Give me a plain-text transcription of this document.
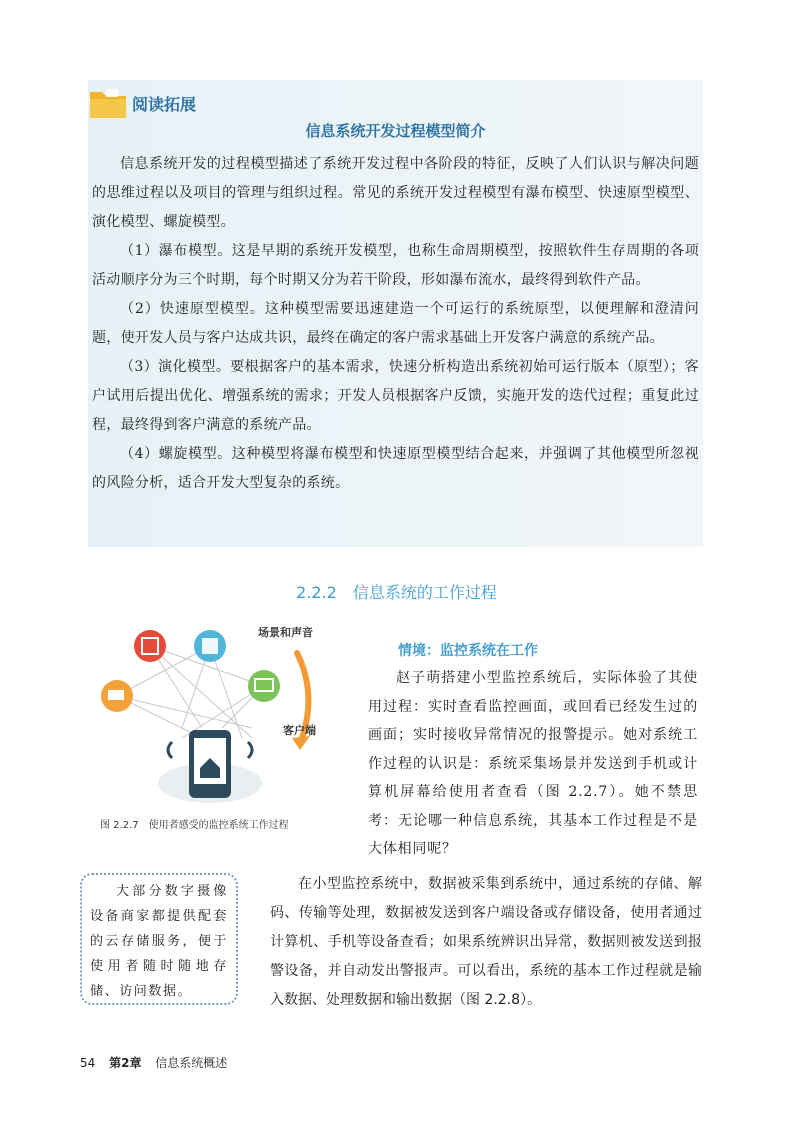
阅读拓展
信息系统开发过程模型简介

信息系统开发的过程模型描述了系统开发过程中各阶段的特征，反映了人们认识与解决问题的思维过程以及项目的管理与组织过程。常见的系统开发过程模型有瀑布模型、快速原型模型、演化模型、螺旋模型。

（1）瀑布模型。这是早期的系统开发模型，也称生命周期模型，按照软件生存周期的各项活动顺序分为三个时期，每个时期又分为若干阶段，形如瀑布流水，最终得到软件产品。

（2）快速原型模型。这种模型需要迅速建造一个可运行的系统原型，以便理解和澄清问题，使开发人员与客户达成共识，最终在确定的客户需求基础上开发客户满意的系统产品。

（3）演化模型。要根据客户的基本需求，快速分析构造出系统初始可运行版本（原型）；客户试用后提出优化、增强系统的需求；开发人员根据客户反馈，实施开发的迭代过程；重复此过程，最终得到客户满意的系统产品。

（4）螺旋模型。这种模型将瀑布模型和快速原型模型结合起来，并强调了其他模型所忽视的风险分析，适合开发大型复杂的系统。

2.2.2　信息系统的工作过程
场景和声音
客户端
图 2.2.7　使用者感受的监控系统工作过程
情境：监控系统在工作

赵子萌搭建小型监控系统后，实际体验了其使用过程：实时查看监控画面，或回看已经发生过的画面；实时接收异常情况的报警提示。她对系统工作过程的认识是：系统采集场景并发送到手机或计算机屏幕给使用者查看（图 2.2.7）。她不禁思考：无论哪一种信息系统，其基本工作过程是不是大体相同呢？

大部分数字摄像设备商家都提供配套的云存储服务，便于使用者随时随地存储、访问数据。

在小型监控系统中，数据被采集到系统中，通过系统的存储、解码、传输等处理，数据被发送到客户端设备或存储设备，使用者通过计算机、手机等设备查看；如果系统辨识出异常，数据则被发送到报警设备，并自动发出警报声。可以看出，系统的基本工作过程就是输入数据、处理数据和输出数据（图 2.2.8）。

54 第2章 信息系统概述
